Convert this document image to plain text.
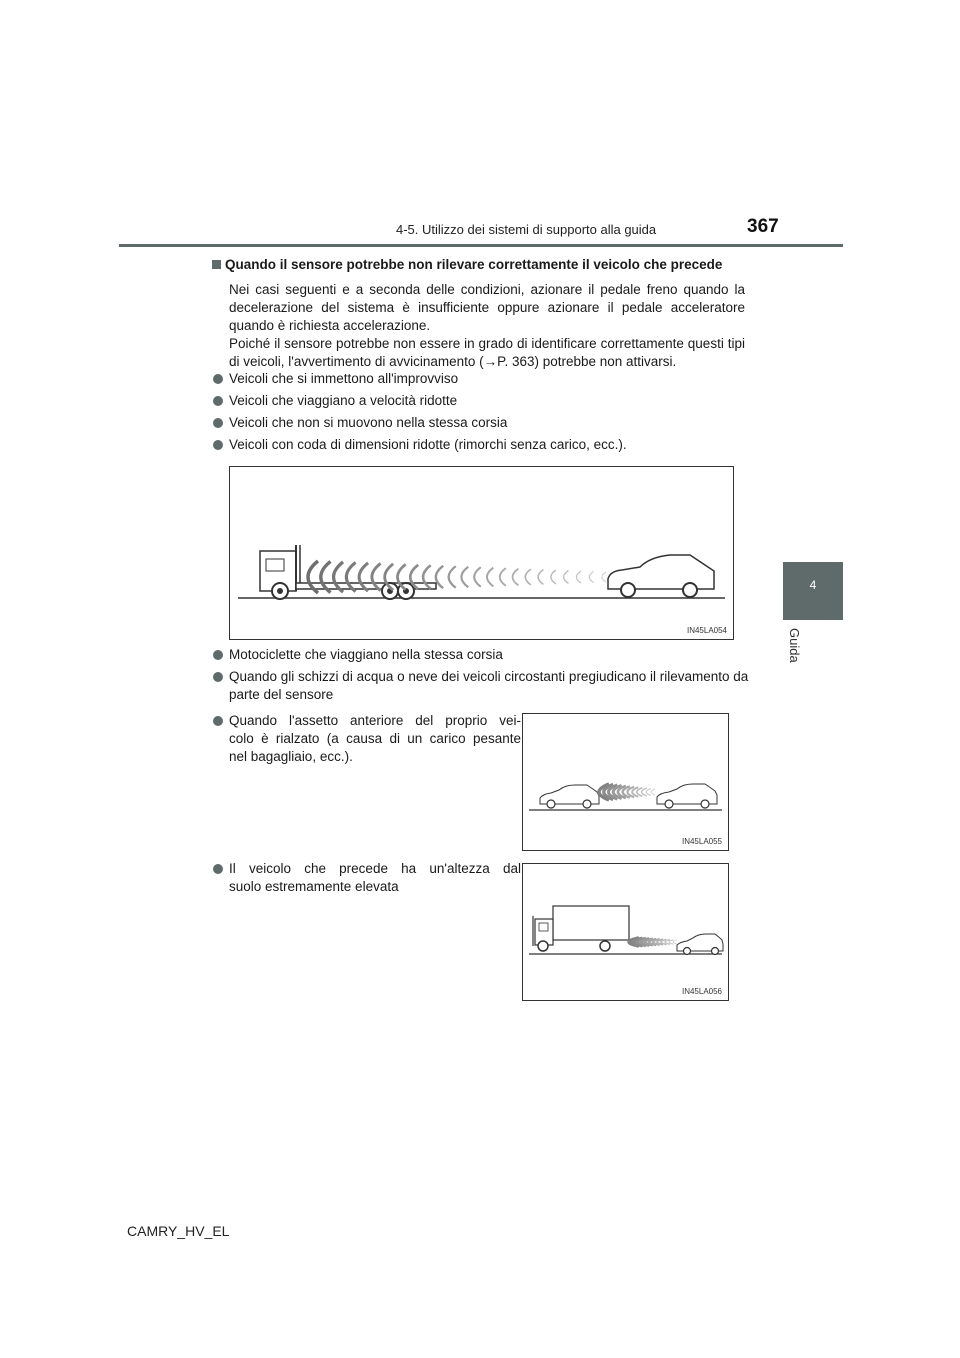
4-5. Utilizzo dei sistemi di supporto alla guida	367
4
Guida
Quando il sensore potrebbe non rilevare correttamente il veicolo che precede
Nei casi seguenti e a seconda delle condizioni, azionare il pedale freno quando la
decelerazione del sistema è insufficiente oppure azionare il pedale acceleratore
quando è richiesta accelerazione.
Poiché il sensore potrebbe non essere in grado di identificare correttamente questi tipi
di veicoli, l'avvertimento di avvicinamento (→P. 363) potrebbe non attivarsi.
Veicoli che si immettono all'improvviso
Veicoli che viaggiano a velocità ridotte
Veicoli che non si muovono nella stessa corsia
Veicoli con coda di dimensioni ridotte (rimorchi senza carico, ecc.).
IN45LA054
Motociclette che viaggiano nella stessa corsia
Quando gli schizzi di acqua o neve dei veicoli circostanti pregiudicano il rilevamento da parte del sensore
Quando l'assetto anteriore del proprio vei-
colo è rialzato (a causa di un carico pesante
nel bagagliaio, ecc.).
IN45LA055
Il veicolo che precede ha un'altezza dal
suolo estremamente elevata
IN45LA056
CAMRY_HV_EL
